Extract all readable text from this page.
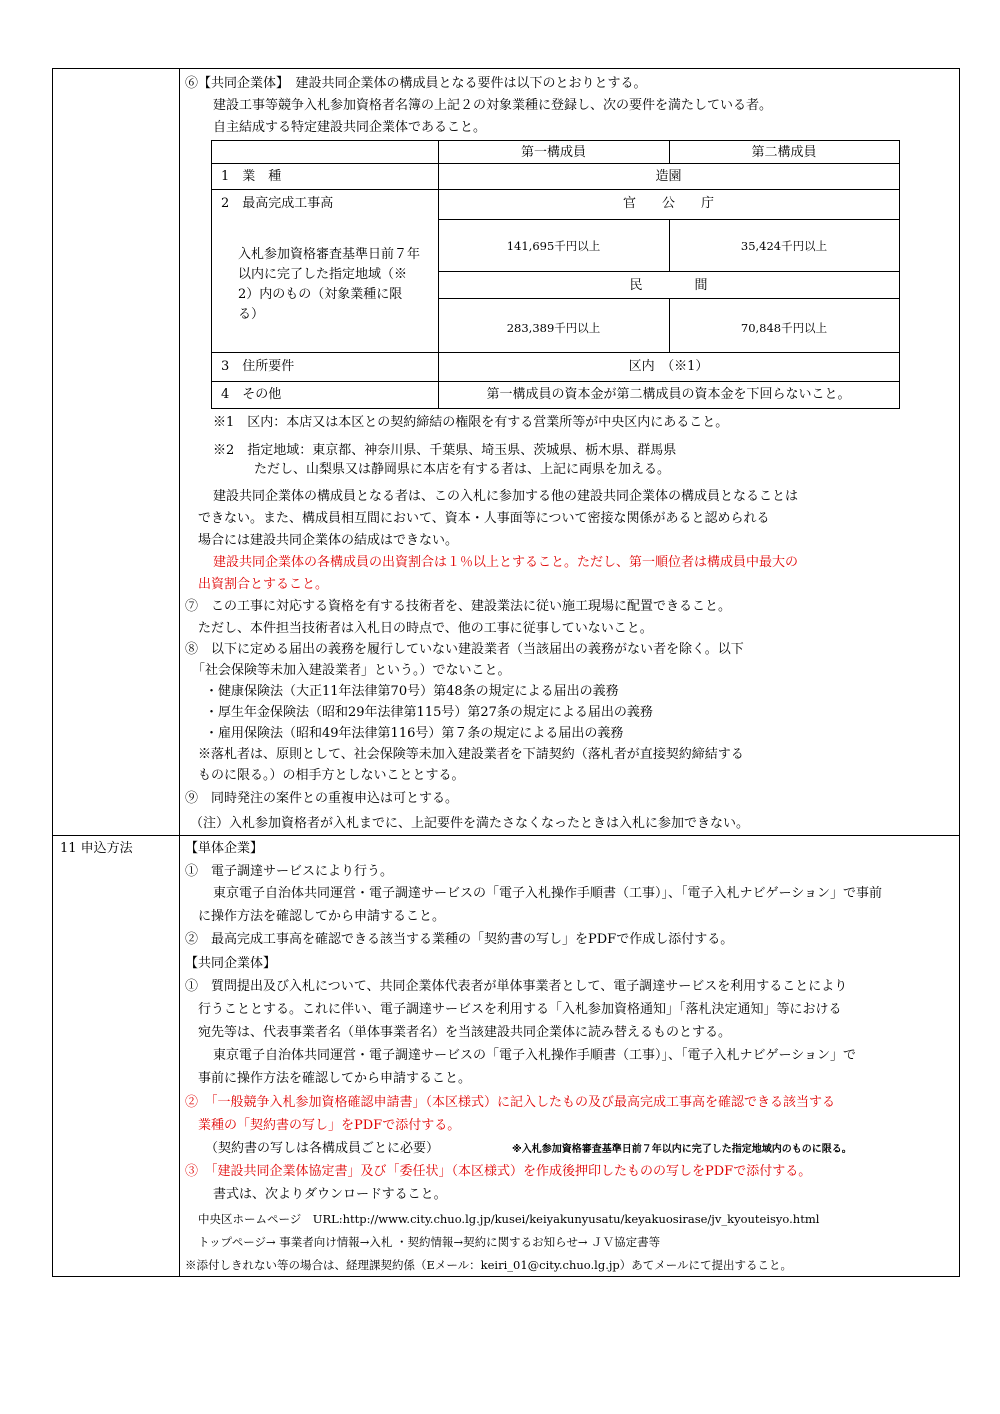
⑥【共同企業体】　建設共同企業体の構成員となる要件は以下のとおりとする。
建設工事等競争入札参加資格者名簿の上記２の対象業種に登録し、次の要件を満たしている者。
自主結成する特定建設共同企業体であること。
第一構成員	第二構成員
1　業　種	造園
2　最高完成工事高
入札参加資格審査基準日前７年
以内に完了した指定地域（※
2）内のもの（対象業種に限
る）
官　　公　　庁
141,695千円以上	35,424千円以上
民　　　　間
283,389千円以上	70,848千円以上
3　住所要件	区内　（※1）
4　その他	第一構成員の資本金が第二構成員の資本金を下回らないこと。
※1　区内：本店又は本区との契約締結の権限を有する営業所等が中央区内にあること。
※2　指定地域：東京都、神奈川県、千葉県、埼玉県、茨城県、栃木県、群馬県
ただし、山梨県又は静岡県に本店を有する者は、上記に両県を加える。
建設共同企業体の構成員となる者は、この入札に参加する他の建設共同企業体の構成員となることは
できない。また、構成員相互間において、資本・人事面等について密接な関係があると認められる
場合には建設共同企業体の結成はできない。
建設共同企業体の各構成員の出資割合は１％以上とすること。ただし、第一順位者は構成員中最大の
出資割合とすること。
⑦　この工事に対応する資格を有する技術者を、建設業法に従い施工現場に配置できること。
ただし、本件担当技術者は入札日の時点で、他の工事に従事していないこと。
⑧　以下に定める届出の義務を履行していない建設業者（当該届出の義務がない者を除く。以下
「社会保険等未加入建設業者」という。）でないこと。
・健康保険法（大正11年法律第70号）第48条の規定による届出の義務
・厚生年金保険法（昭和29年法律第115号）第27条の規定による届出の義務
・雇用保険法（昭和49年法律第116号）第７条の規定による届出の義務
※落札者は、原則として、社会保険等未加入建設業者を下請契約（落札者が直接契約締結する
ものに限る。）の相手方としないこととする。
⑨　同時発注の案件との重複申込は可とする。
（注）入札参加資格者が入札までに、上記要件を満たさなくなったときは入札に参加できない。
11 申込方法	【単体企業】
①　電子調達サービスにより行う。
東京電子自治体共同運営・電子調達サービスの「電子入札操作手順書（工事）」、「電子入札ナビゲーション」で事前
に操作方法を確認してから申請すること。
②　最高完成工事高を確認できる該当する業種の「契約書の写し」をPDFで作成し添付する。
【共同企業体】
①　質問提出及び入札について、共同企業体代表者が単体事業者として、電子調達サービスを利用することにより
行うこととする。これに伴い、電子調達サービスを利用する「入札参加資格通知」「落札決定通知」等における
宛先等は、代表事業者名（単体事業者名）を当該建設共同企業体に読み替えるものとする。
東京電子自治体共同運営・電子調達サービスの「電子入札操作手順書（工事）」、「電子入札ナビゲーション」で
事前に操作方法を確認してから申請すること。
②　「一般競争入札参加資格確認申請書」（本区様式）に記入したもの及び最高完成工事高を確認できる該当する
業種の「契約書の写し」をPDFで添付する。
（契約書の写しは各構成員ごとに必要）	※入札参加資格審査基準日前７年以内に完了した指定地域内のものに限る。
③　「建設共同企業体協定書」及び「委任状」（本区様式）を作成後押印したものの写しをPDFで添付する。
書式は、次よりダウンロードすること。
中央区ホームページ　URL:http://www.city.chuo.lg.jp/kusei/keiyakunyusatu/keyakuosirase/jv_kyouteisyo.html
トップページ→ 事業者向け情報→入札 ・契約情報→契約に関するお知らせ→ ＪＶ協定書等
※添付しきれない等の場合は、経理課契約係（Eメール：keiri_01@city.chuo.lg.jp）あてメールにて提出すること。
